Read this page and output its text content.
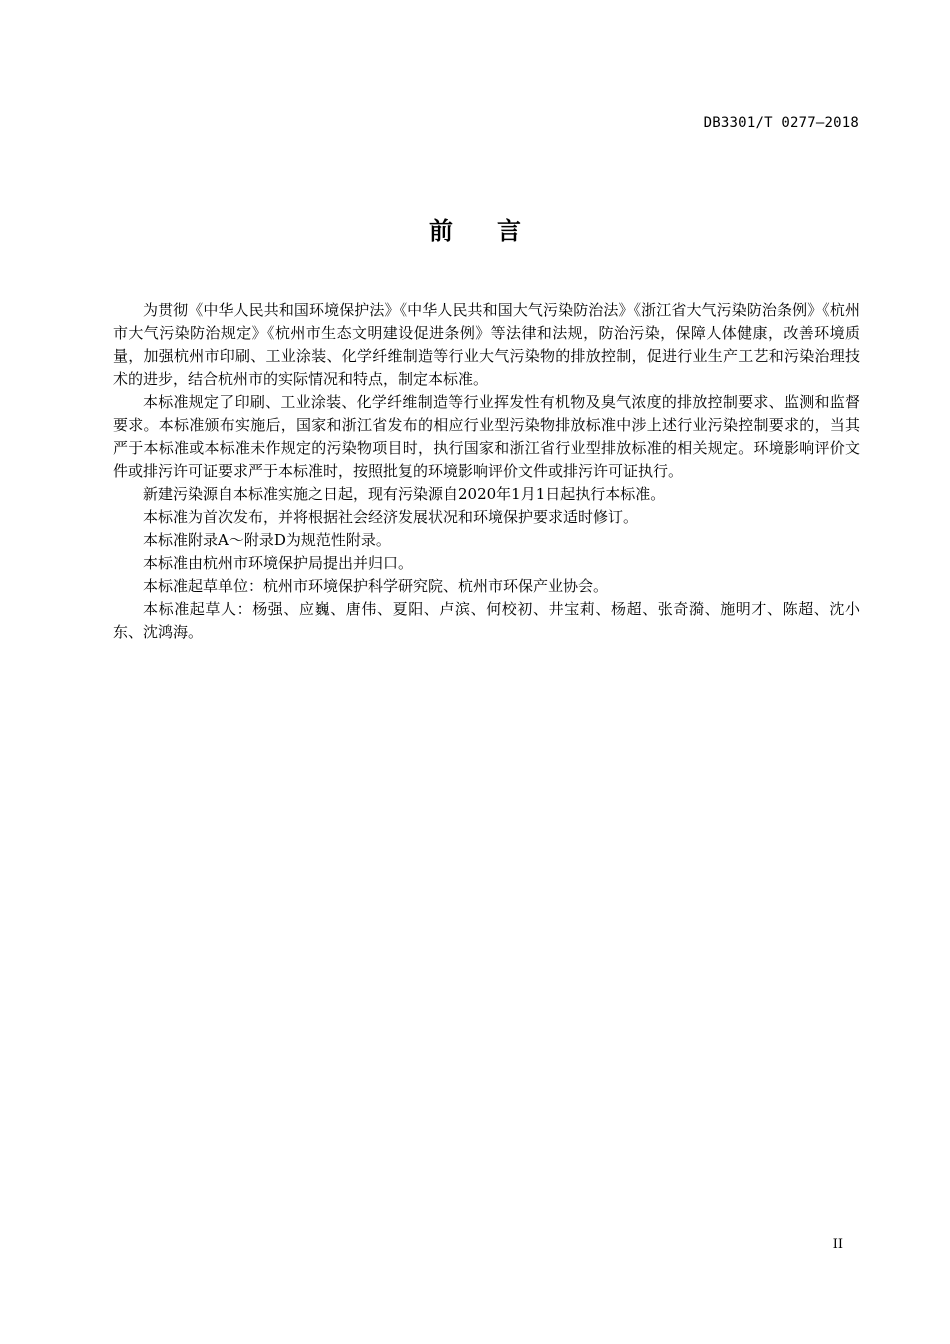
DB3301/T 0277—2018
前 言

为贯彻《中华人民共和国环境保护法》《中华人民共和国大气污染防治法》《浙江省大气污染防治条例》《杭州市大气污染防治规定》《杭州市生态文明建设促进条例》等法律和法规，防治污染，保障人体健康，改善环境质量，加强杭州市印刷、工业涂装、化学纤维制造等行业大气污染物的排放控制，促进行业生产工艺和污染治理技术的进步，结合杭州市的实际情况和特点，制定本标准。

本标准规定了印刷、工业涂装、化学纤维制造等行业挥发性有机物及臭气浓度的排放控制要求、监测和监督要求。本标准颁布实施后，国家和浙江省发布的相应行业型污染物排放标准中涉上述行业污染控制要求的，当其严于本标准或本标准未作规定的污染物项目时，执行国家和浙江省行业型排放标准的相关规定。环境影响评价文件或排污许可证要求严于本标准时，按照批复的环境影响评价文件或排污许可证执行。

新建污染源自本标准实施之日起，现有污染源自2020年1月1日起执行本标准。

本标准为首次发布，并将根据社会经济发展状况和环境保护要求适时修订。

本标准附录A～附录D为规范性附录。

本标准由杭州市环境保护局提出并归口。

本标准起草单位：杭州市环境保护科学研究院、杭州市环保产业协会。

本标准起草人：杨强、应巍、唐伟、夏阳、卢滨、何校初、井宝莉、杨超、张奇漪、施明才、陈超、沈小东、沈鸿海。

II
